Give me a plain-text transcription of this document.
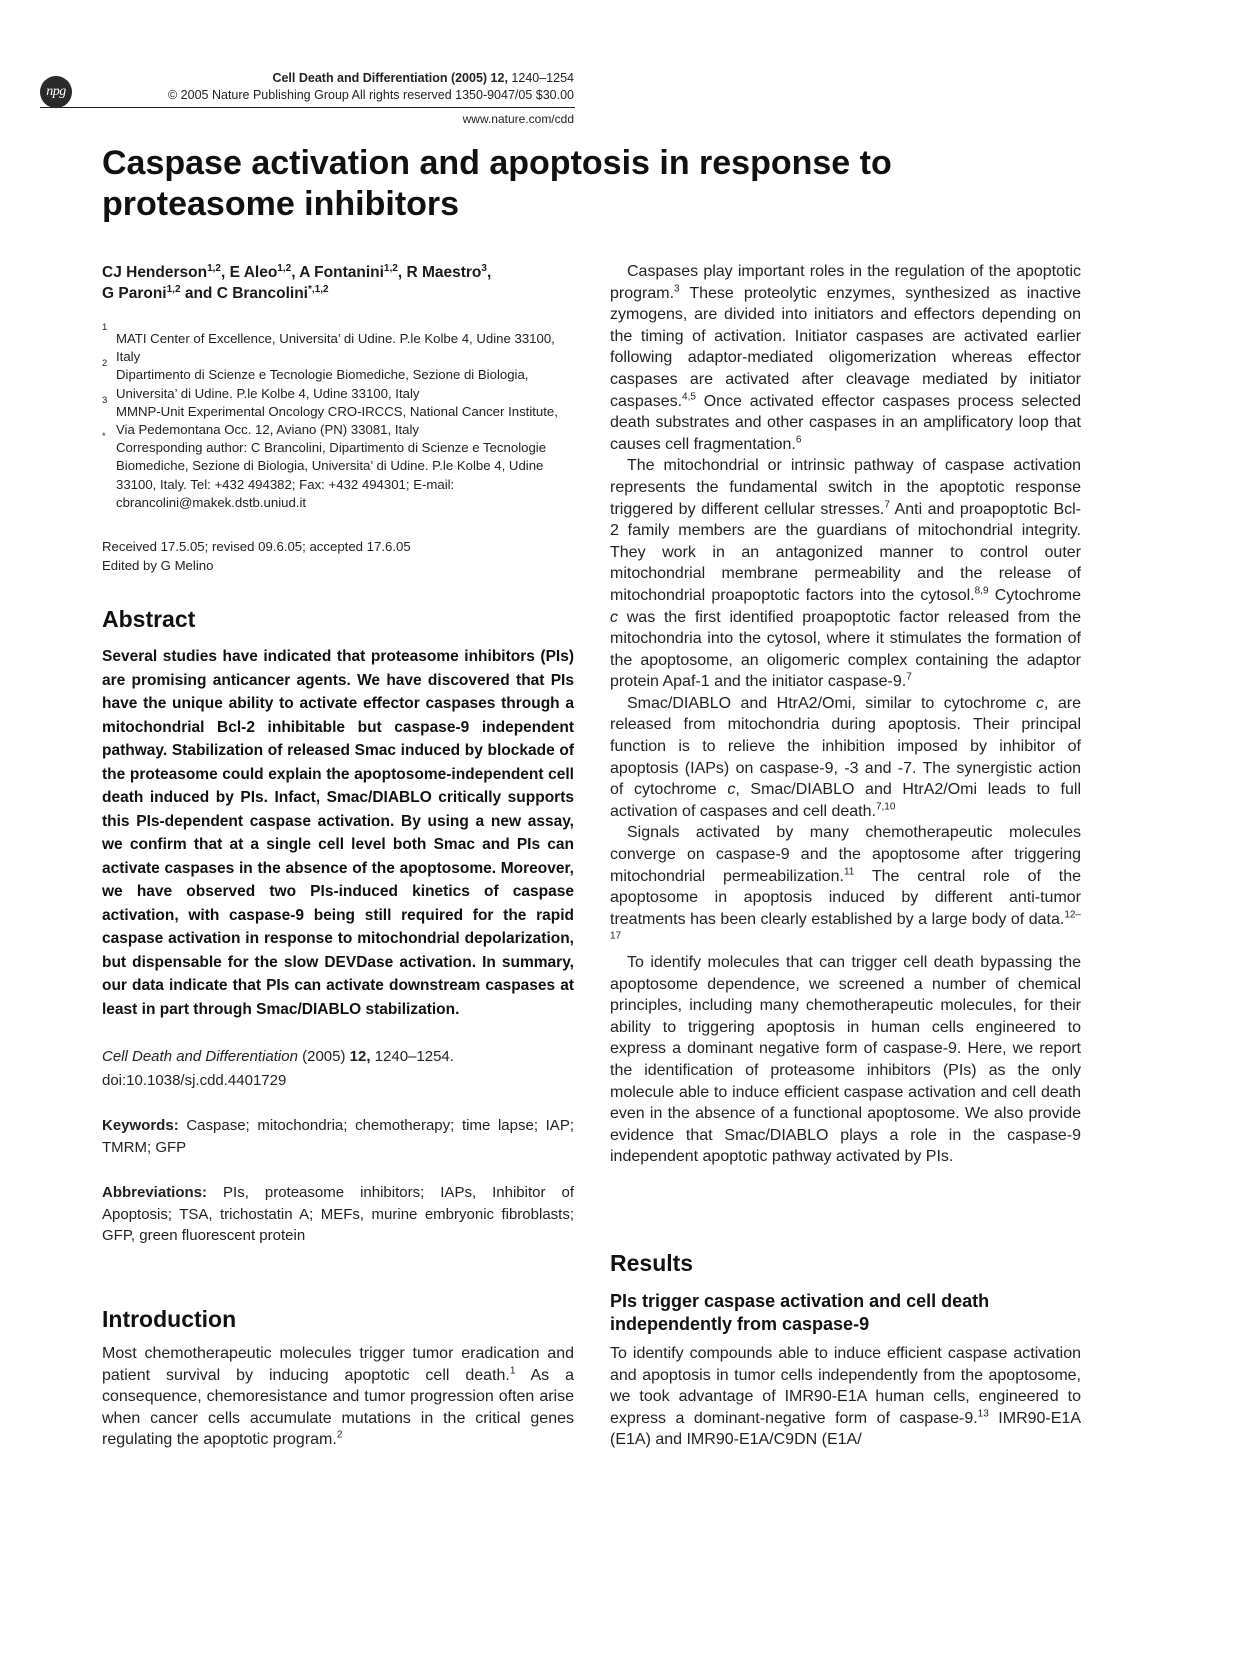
npg
Cell Death and Differentiation (2005) 12, 1240–1254
© 2005 Nature Publishing Group All rights reserved 1350-9047/05 $30.00
www.nature.com/cdd
Caspase activation and apoptosis in response to proteasome inhibitors
CJ Henderson$^{1,2}$, E Aleo$^{1,2}$, A Fontanini$^{1,2}$, R Maestro$^3$,
G Paroni$^{1,2}$ and C Brancolini$^{*,1,2}$
1
MATI Center of Excellence, Universita’ di Udine. P.le Kolbe 4, Udine 33100, Italy
2
Dipartimento di Scienze e Tecnologie Biomediche, Sezione di Biologia, Universita’ di Udine. P.le Kolbe 4, Udine 33100, Italy
3
MMNP-Unit Experimental Oncology CRO-IRCCS, National Cancer Institute, Via Pedemontana Occ. 12, Aviano (PN) 33081, Italy
*
Corresponding author: C Brancolini, Dipartimento di Scienze e Tecnologie Biomediche, Sezione di Biologia, Universita’ di Udine. P.le Kolbe 4, Udine 33100, Italy. Tel: +432 494382; Fax: +432 494301; E-mail: cbrancolini@makek.dstb.uniud.it
Received 17.5.05; revised 09.6.05; accepted 17.6.05
Edited by G Melino
Abstract
Several studies have indicated that proteasome inhibitors (PIs) are promising anticancer agents. We have discovered that PIs have the unique ability to activate effector caspases through a mitochondrial Bcl-2 inhibitable but caspase-9 independent pathway. Stabilization of released Smac induced by blockade of the proteasome could explain the apoptosome-independent cell death induced by PIs. Infact, Smac/DIABLO critically supports this PIs-dependent caspase activation. By using a new assay, we confirm that at a single cell level both Smac and PIs can activate caspases in the absence of the apoptosome. Moreover, we have observed two PIs-induced kinetics of caspase activation, with caspase-9 being still required for the rapid caspase activation in response to mitochondrial depolarization, but dispensable for the slow DEVDase activation. In summary, our data indicate that PIs can activate downstream caspases at least in part through Smac/DIABLO stabilization.
Cell Death and Differentiation (2005) 12, 1240–1254.
doi:10.1038/sj.cdd.4401729
Keywords: Caspase; mitochondria; chemotherapy; time lapse; IAP; TMRM; GFP
Abbreviations: PIs, proteasome inhibitors; IAPs, Inhibitor of Apoptosis; TSA, trichostatin A; MEFs, murine embryonic fibroblasts; GFP, green fluorescent protein
Introduction
Most chemotherapeutic molecules trigger tumor eradication and patient survival by inducing apoptotic cell death.$^1$ As a consequence, chemoresistance and tumor progression often arise when cancer cells accumulate mutations in the critical genes regulating the apoptotic program.$^2$

Caspases play important roles in the regulation of the apoptotic program.$^3$ These proteolytic enzymes, synthesized as inactive zymogens, are divided into initiators and effectors depending on the timing of activation. Initiator caspases are activated earlier following adaptor-mediated oligomerization whereas effector caspases are activated after cleavage mediated by initiator caspases.$^{4,5}$ Once activated effector caspases process selected death substrates and other caspases in an amplificatory loop that causes cell fragmentation.$^6$

The mitochondrial or intrinsic pathway of caspase activation represents the fundamental switch in the apoptotic response triggered by different cellular stresses.$^7$ Anti and proapoptotic Bcl-2 family members are the guardians of mitochondrial integrity. They work in an antagonized manner to control outer mitochondrial membrane permeability and the release of mitochondrial proapoptotic factors into the cytosol.$^{8,9}$ Cytochrome c was the first identified proapoptotic factor released from the mitochondria into the cytosol, where it stimulates the formation of the apoptosome, an oligomeric complex containing the adaptor protein Apaf-1 and the initiator caspase-9.$^7$

Smac/DIABLO and HtrA2/Omi, similar to cytochrome c, are released from mitochondria during apoptosis. Their principal function is to relieve the inhibition imposed by inhibitor of apoptosis (IAPs) on caspase-9, -3 and -7. The synergistic action of cytochrome c, Smac/DIABLO and HtrA2/Omi leads to full activation of caspases and cell death.$^{7,10}$

Signals activated by many chemotherapeutic molecules converge on caspase-9 and the apoptosome after triggering mitochondrial permeabilization.$^{11}$ The central role of the apoptosome in apoptosis induced by different anti-tumor treatments has been clearly established by a large body of data.$^{12-17}$

To identify molecules that can trigger cell death bypassing the apoptosome dependence, we screened a number of chemical principles, including many chemotherapeutic molecules, for their ability to triggering apoptosis in human cells engineered to express a dominant negative form of caspase-9. Here, we report the identification of proteasome inhibitors (PIs) as the only molecule able to induce efficient caspase activation and cell death even in the absence of a functional apoptosome. We also provide evidence that Smac/DIABLO plays a role in the caspase-9 independent apoptotic pathway activated by PIs.

Results
PIs trigger caspase activation and cell death independently from caspase-9
To identify compounds able to induce efficient caspase activation and apoptosis in tumor cells independently from the apoptosome, we took advantage of IMR90-E1A human cells, engineered to express a dominant-negative form of caspase-9.13 IMR90-E1A (E1A) and IMR90-E1A/C9DN (E1A/
